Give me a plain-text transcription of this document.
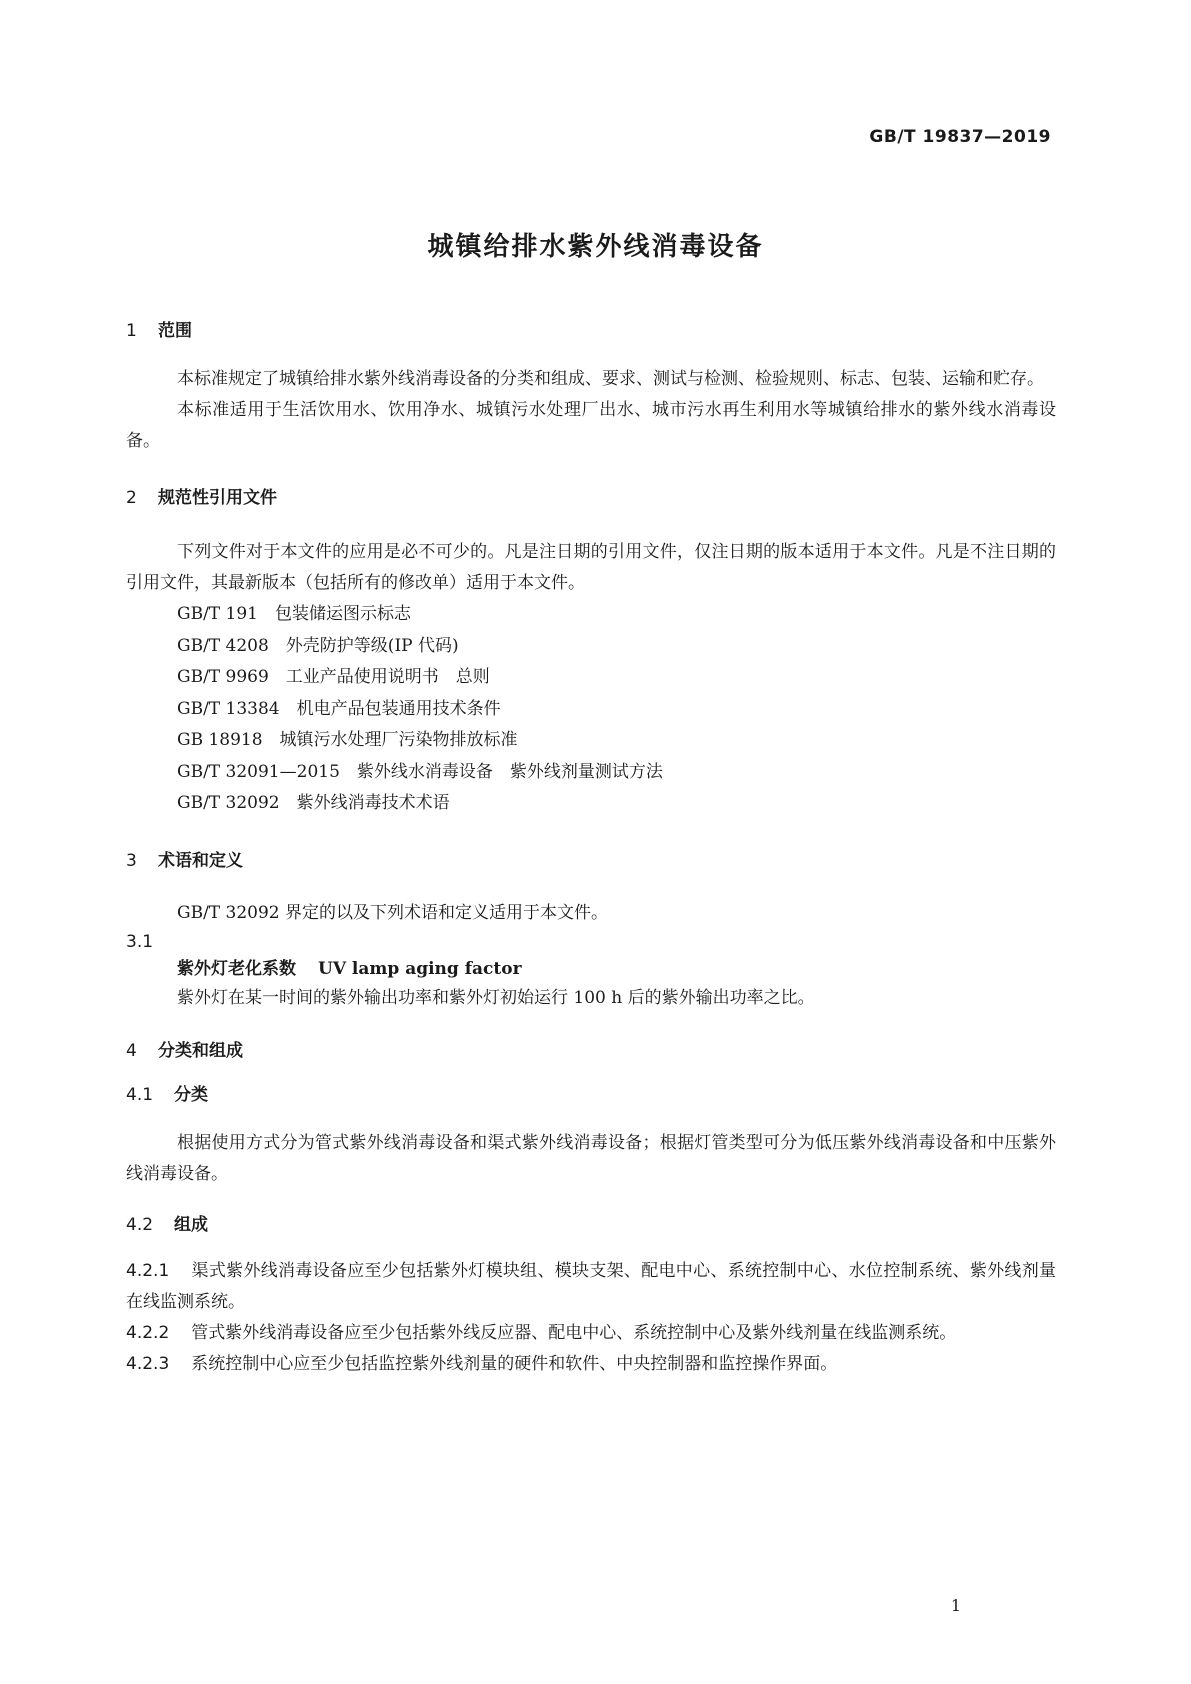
GB/T 19837—2019
城镇给排水紫外线消毒设备
1 范围
本标准规定了城镇给排水紫外线消毒设备的分类和组成、要求、测试与检测、检验规则、标志、包装、运输和贮存。
本标准适用于生活饮用水、饮用净水、城镇污水处理厂出水、城市污水再生利用水等城镇给排水的紫外线水消毒设备。
2 规范性引用文件
下列文件对于本文件的应用是必不可少的。凡是注日期的引用文件，仅注日期的版本适用于本文件。凡是不注日期的引用文件，其最新版本（包括所有的修改单）适用于本文件。
GB/T 191　包装储运图示标志
GB/T 4208　外壳防护等级(IP 代码)
GB/T 9969　工业产品使用说明书　总则
GB/T 13384　机电产品包装通用技术条件
GB 18918　城镇污水处理厂污染物排放标准
GB/T 32091—2015　紫外线水消毒设备　紫外线剂量测试方法
GB/T 32092　紫外线消毒技术术语
3 术语和定义
GB/T 32092 界定的以及下列术语和定义适用于本文件。
3.1
紫外灯老化系数 UV lamp aging factor
紫外灯在某一时间的紫外输出功率和紫外灯初始运行 100 h 后的紫外输出功率之比。
4 分类和组成
4.1 分类
根据使用方式分为管式紫外线消毒设备和渠式紫外线消毒设备；根据灯管类型可分为低压紫外线消毒设备和中压紫外线消毒设备。
4.2 组成
4.2.1 渠式紫外线消毒设备应至少包括紫外灯模块组、模块支架、配电中心、系统控制中心、水位控制系统、紫外线剂量在线监测系统。
4.2.2 管式紫外线消毒设备应至少包括紫外线反应器、配电中心、系统控制中心及紫外线剂量在线监测系统。
4.2.3 系统控制中心应至少包括监控紫外线剂量的硬件和软件、中央控制器和监控操作界面。
1
